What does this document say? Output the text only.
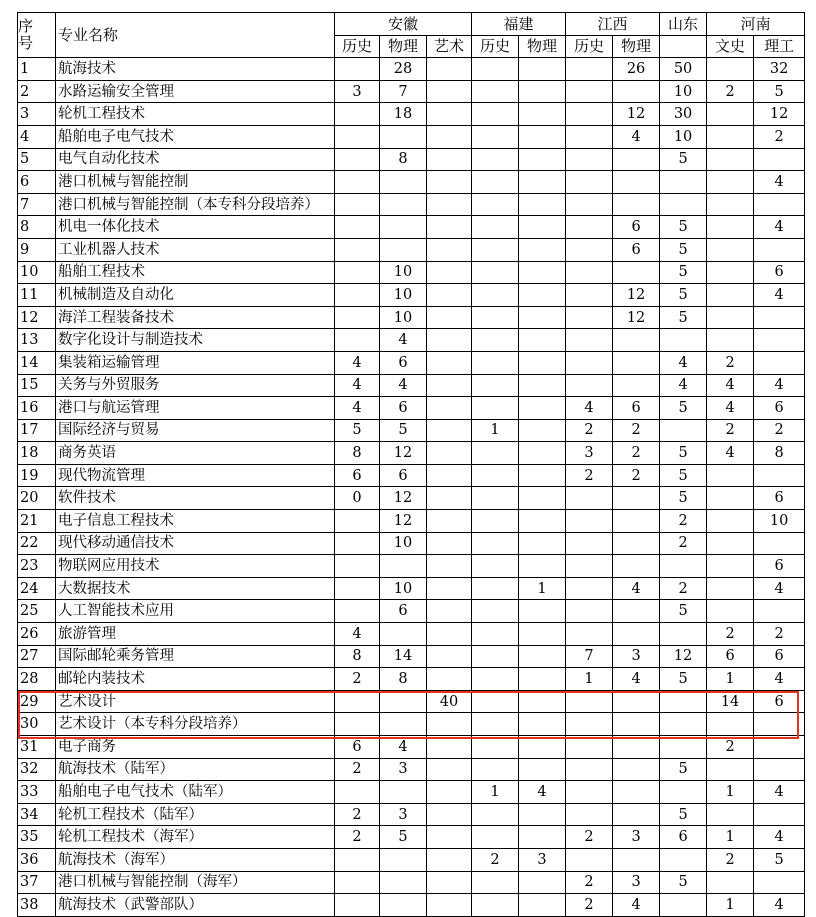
序
号	专业名称	安徽			福建		江西		山东	河南	
		历史	物理	艺术	历史	物理	历史	物理		文史	理工
1	航海技术		28					26	50		32
2	水路运输安全管理	3	7						10	2	5
3	轮机工程技术		18					12	30		12
4	船舶电子电气技术							4	10		2
5	电气自动化技术		8						5		
6	港口机械与智能控制										4
7	港口机械与智能控制（本专科分段培养）										
8	机电一体化技术							6	5		4
9	工业机器人技术							6	5		
10	船舶工程技术		10						5		6
11	机械制造及自动化		10					12	5		4
12	海洋工程装备技术		10					12	5		
13	数字化设计与制造技术		4								
14	集装箱运输管理	4	6						4	2	
15	关务与外贸服务	4	4						4	4	4
16	港口与航运管理	4	6				4	6	5	4	6
17	国际经济与贸易	5	5		1		2	2		2	2
18	商务英语	8	12				3	2	5	4	8
19	现代物流管理	6	6				2	2	5		
20	软件技术	0	12						5		6
21	电子信息工程技术		12						2		10
22	现代移动通信技术		10						2		
23	物联网应用技术										6
24	大数据技术		10			1		4	2		4
25	人工智能技术应用		6						5		
26	旅游管理	4								2	2
27	国际邮轮乘务管理	8	14				7	3	12	6	6
28	邮轮内装技术	2	8				1	4	5	1	4
29	艺术设计			40						14	6
30	艺术设计（本专科分段培养）										
31	电子商务	6	4							2	
32	航海技术（陆军）	2	3						5		
33	船舶电子电气技术（陆军）				1	4				1	4
34	轮机工程技术（陆军）	2	3						5		
35	轮机工程技术（海军）	2	5				2	3	6	1	4
36	航海技术（海军）				2	3				2	5
37	港口机械与智能控制（海军）						2	3	5		
38	航海技术（武警部队）						2	4		1	4
